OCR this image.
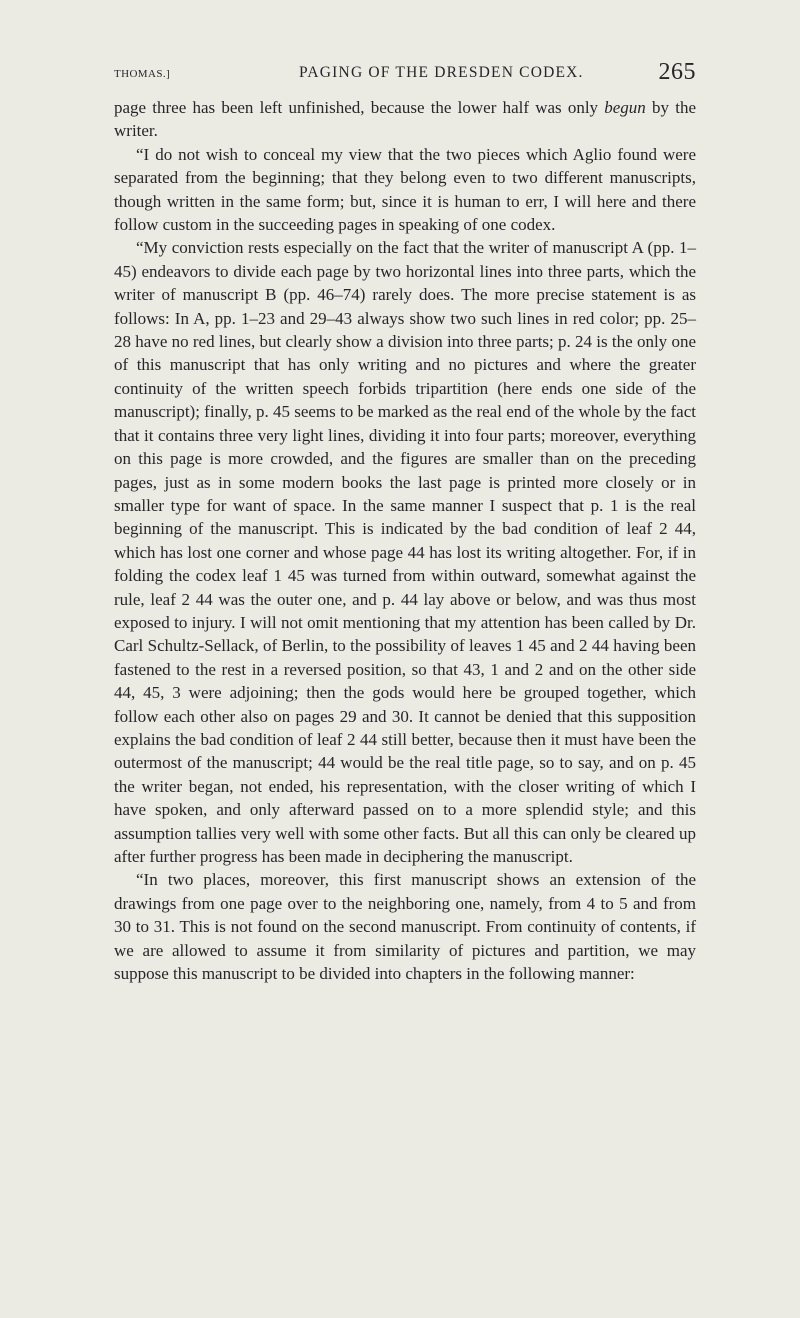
THOMAS.]	PAGING OF THE DRESDEN CODEX.	265

page three has been left unfinished, because the lower half was only begun by the writer.

“I do not wish to conceal my view that the two pieces which Aglio found were separated from the beginning; that they belong even to two different manuscripts, though written in the same form; but, since it is human to err, I will here and there follow custom in the succeeding pages in speaking of one codex.

“My conviction rests especially on the fact that the writer of manuscript A (pp. 1–45) endeavors to divide each page by two horizontal lines into three parts, which the writer of manuscript B (pp. 46–74) rarely does. The more precise statement is as follows: In A, pp. 1–23 and 29–43 always show two such lines in red color; pp. 25–28 have no red lines, but clearly show a division into three parts; p. 24 is the only one of this manuscript that has only writing and no pictures and where the greater continuity of the written speech forbids tripartition (here ends one side of the manuscript); finally, p. 45 seems to be marked as the real end of the whole by the fact that it contains three very light lines, dividing it into four parts; moreover, everything on this page is more crowded, and the figures are smaller than on the preceding pages, just as in some modern books the last page is printed more closely or in smaller type for want of space. In the same manner I suspect that p. 1 is the real beginning of the manuscript. This is indicated by the bad condition of leaf 2 44, which has lost one corner and whose page 44 has lost its writing altogether. For, if in folding the codex leaf 1 45 was turned from within outward, somewhat against the rule, leaf 2 44 was the outer one, and p. 44 lay above or below, and was thus most exposed to injury. I will not omit mentioning that my attention has been called by Dr. Carl Schultz-Sellack, of Berlin, to the possibility of leaves 1 45 and 2 44 having been fastened to the rest in a reversed position, so that 43, 1 and 2 and on the other side 44, 45, 3 were adjoining; then the gods would here be grouped together, which follow each other also on pages 29 and 30. It cannot be denied that this supposition explains the bad condition of leaf 2 44 still better, because then it must have been the outermost of the manuscript; 44 would be the real title page, so to say, and on p. 45 the writer began, not ended, his representation, with the closer writing of which I have spoken, and only afterward passed on to a more splendid style; and this assumption tallies very well with some other facts. But all this can only be cleared up after further progress has been made in deciphering the manuscript.

“In two places, moreover, this first manuscript shows an extension of the drawings from one page over to the neighboring one, namely, from 4 to 5 and from 30 to 31. This is not found on the second manuscript. From continuity of contents, if we are allowed to assume it from similarity of pictures and partition, we may suppose this manuscript to be divided into chapters in the following manner:
